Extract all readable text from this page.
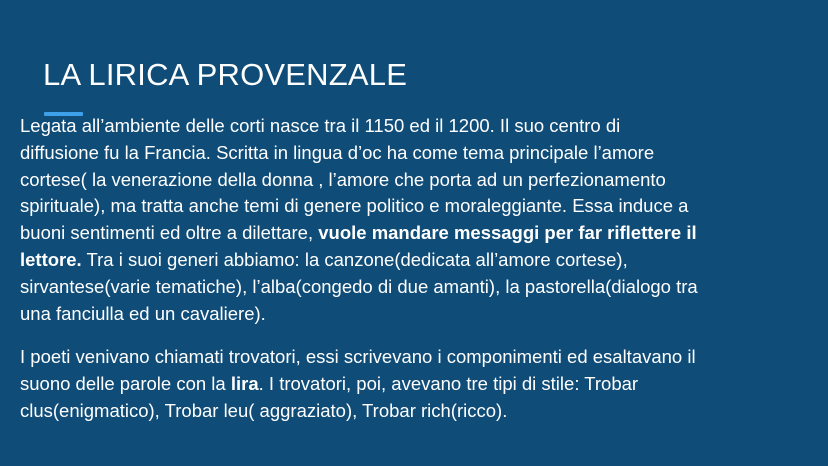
LA LIRICA PROVENZALE

Legata all’ambiente delle corti nasce tra il 1150 ed il 1200. Il suo centro di
diffusione fu la Francia. Scritta in lingua d’oc ha come tema principale l’amore
cortese( la venerazione della donna , l’amore che porta ad un perfezionamento
spirituale), ma tratta anche temi di genere politico e moraleggiante. Essa induce a
buoni sentimenti ed oltre a dilettare, vuole mandare messaggi per far riflettere il
lettore. Tra i suoi generi abbiamo: la canzone(dedicata all’amore cortese),
sirvantese(varie tematiche), l’alba(congedo di due amanti), la pastorella(dialogo tra
una fanciulla ed un cavaliere).

I poeti venivano chiamati trovatori, essi scrivevano i componimenti ed esaltavano il
suono delle parole con la lira. I trovatori, poi, avevano tre tipi di stile: Trobar
clus(enigmatico), Trobar leu( aggraziato), Trobar rich(ricco).
